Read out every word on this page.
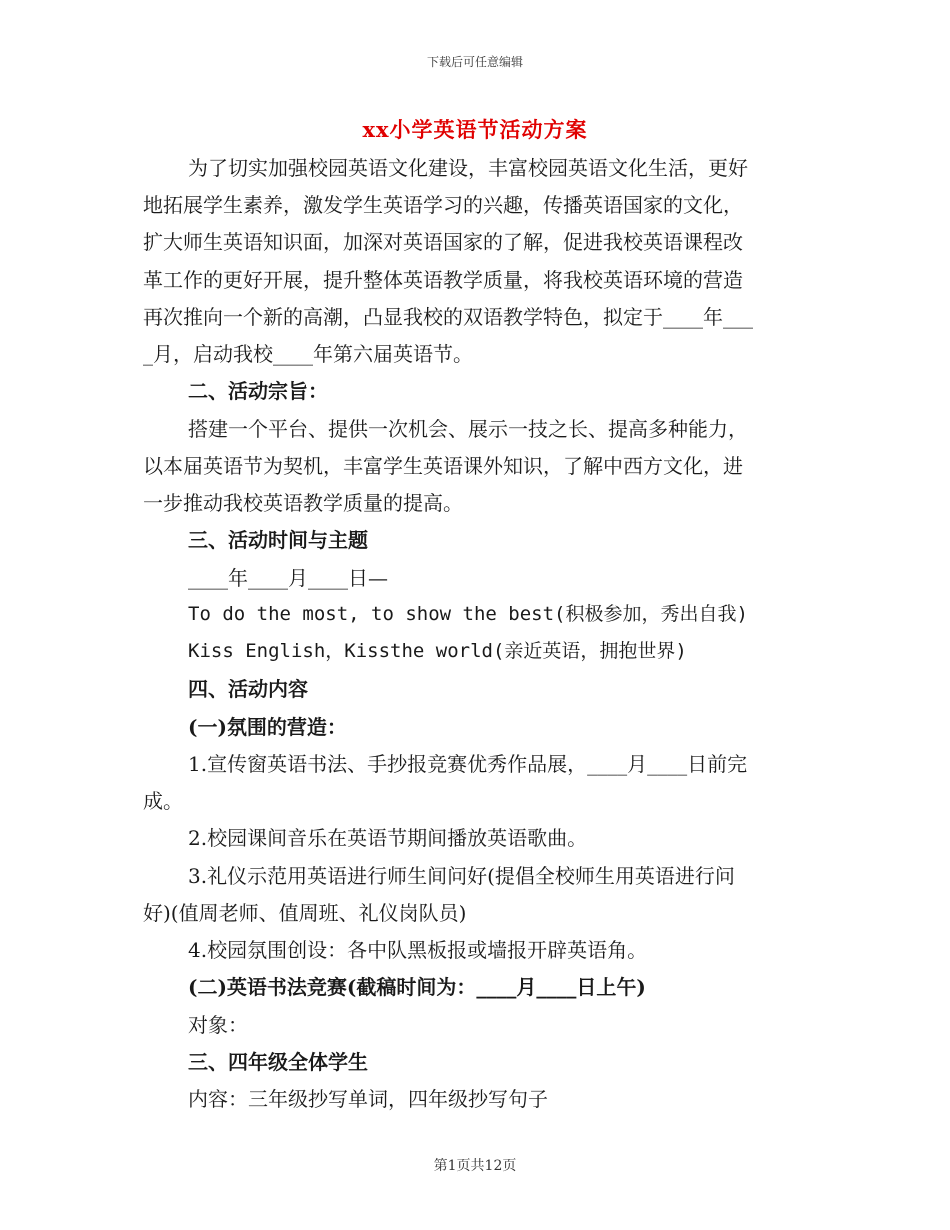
下载后可任意编辑
xx小学英语节活动方案
为了切实加强校园英语文化建设，丰富校园英语文化生活，更好
地拓展学生素养，激发学生英语学习的兴趣，传播英语国家的文化，
扩大师生英语知识面，加深对英语国家的了解，促进我校英语课程改
革工作的更好开展，提升整体英语教学质量，将我校英语环境的营造
再次推向一个新的高潮，凸显我校的双语教学特色，拟定于____年___
_月，启动我校____年第六届英语节。
二、活动宗旨：
搭建一个平台、提供一次机会、展示一技之长、提高多种能力，
以本届英语节为契机，丰富学生英语课外知识，了解中西方文化，进
一步推动我校英语教学质量的提高。
三、活动时间与主题
____年____月____日—
To do the most, to show the best(积极参加，秀出自我)
Kiss English，Kissthe world(亲近英语，拥抱世界)
四、活动内容
(一)氛围的营造：
1.宣传窗英语书法、手抄报竞赛优秀作品展，____月____日前完
成。
2.校园课间音乐在英语节期间播放英语歌曲。
3.礼仪示范用英语进行师生间问好(提倡全校师生用英语进行问
好)(值周老师、值周班、礼仪岗队员)
4.校园氛围创设：各中队黑板报或墙报开辟英语角。
(二)英语书法竞赛(截稿时间为：____月____日上午)
对象：
三、四年级全体学生
内容：三年级抄写单词，四年级抄写句子
第1页共12页
